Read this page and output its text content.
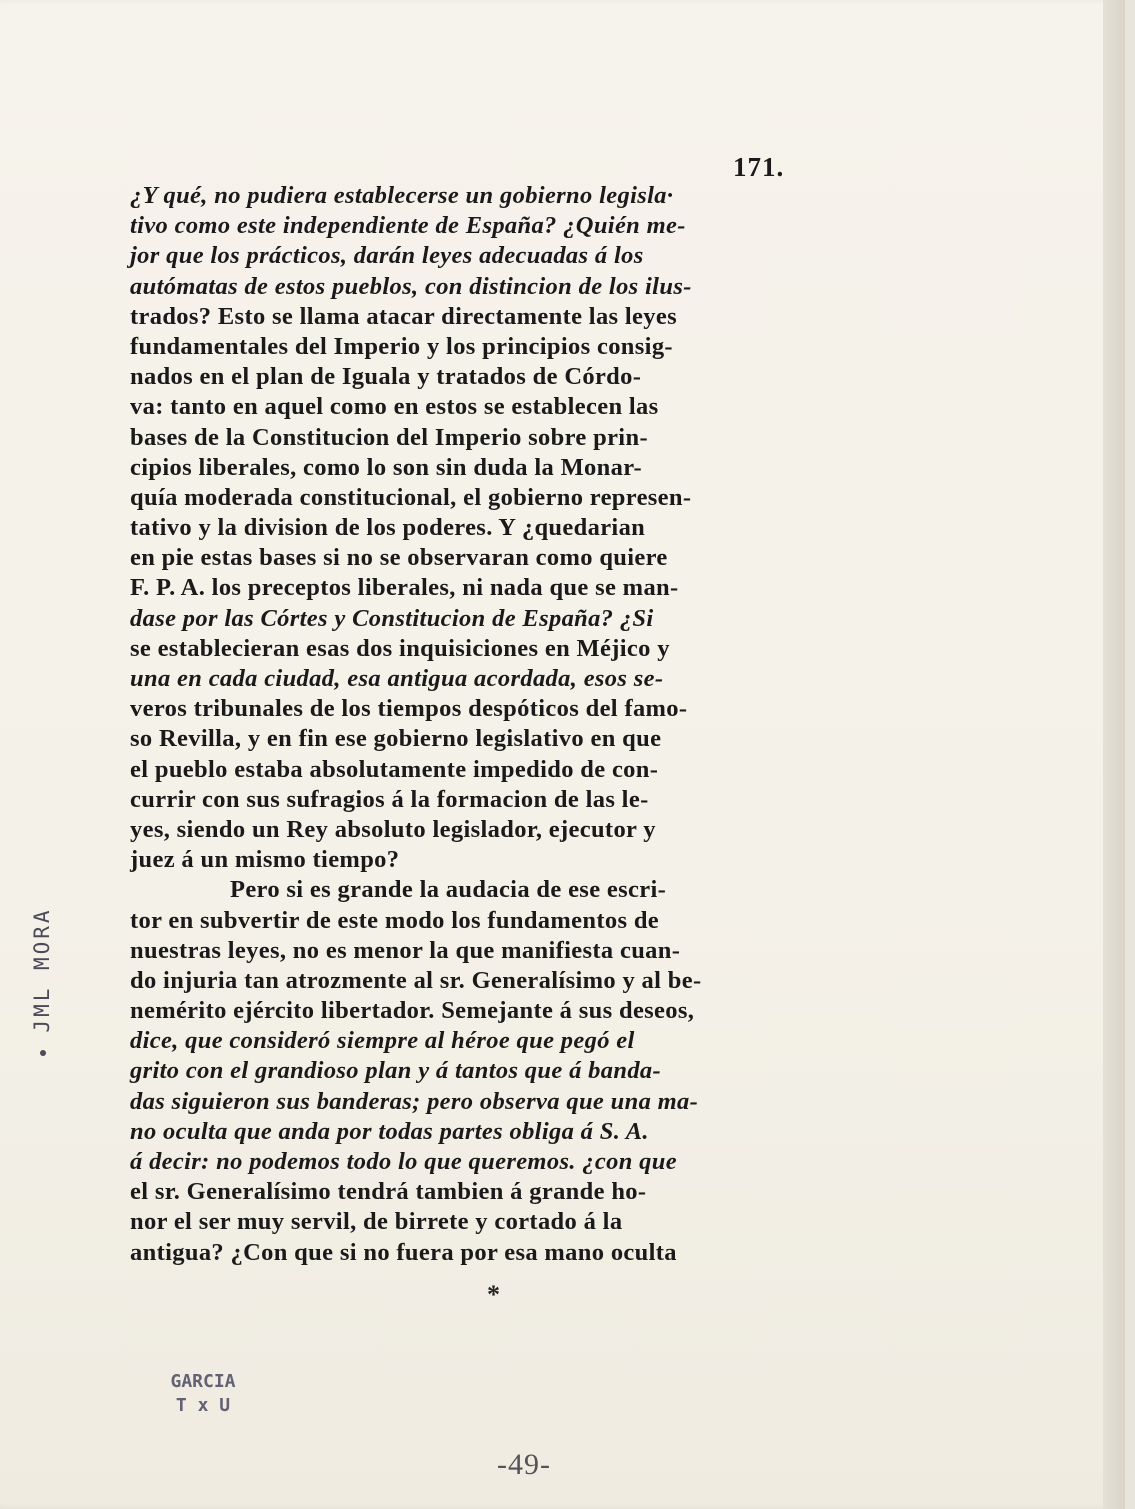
171.
¿Y qué, no pudiera establecerse un gobierno legisla·
tivo como este independiente de España? ¿Quién me-
jor que los prácticos, darán leyes adecuadas á los
autómatas de estos pueblos, con distincion de los ilus-
trados? Esto se llama atacar directamente las leyes
fundamentales del Imperio y los principios consig-
nados en el plan de Iguala y tratados de Córdo-
va: tanto en aquel como en estos se establecen las
bases de la Constitucion del Imperio sobre prin-
cipios liberales, como lo son sin duda la Monar-
quía moderada constitucional, el gobierno represen-
tativo y la division de los poderes. Y ¿quedarian
en pie estas bases si no se observaran como quiere
F. P. A. los preceptos liberales, ni nada que se man-
dase por las Córtes y Constitucion de España? ¿Si
se establecieran esas dos inquisiciones en Méjico y
una en cada ciudad, esa antigua acordada, esos se-
veros tribunales de los tiempos despóticos del famo-
so Revilla, y en fin ese gobierno legislativo en que
el pueblo estaba absolutamente impedido de con-
currir con sus sufragios á la formacion de las le-
yes, siendo un Rey absoluto legislador, ejecutor y
juez á un mismo tiempo?
Pero si es grande la audacia de ese escri-
tor en subvertir de este modo los fundamentos de
nuestras leyes, no es menor la que manifiesta cuan-
do injuria tan atrozmente al sr. Generalísimo y al be-
nemérito ejército libertador. Semejante á sus deseos,
dice, que consideró siempre al héroe que pegó el
grito con el grandioso plan y á tantos que á banda-
das siguieron sus banderas; pero observa que una ma-
no oculta que anda por todas partes obliga á S. A.
á decir: no podemos todo lo que queremos. ¿con que
el sr. Generalísimo tendrá tambien á grande ho-
nor el ser muy servil, de birrete y cortado á la
antigua? ¿Con que si no fuera por esa mano oculta
*
JML MORA
GARCIA
T x U
-49-
